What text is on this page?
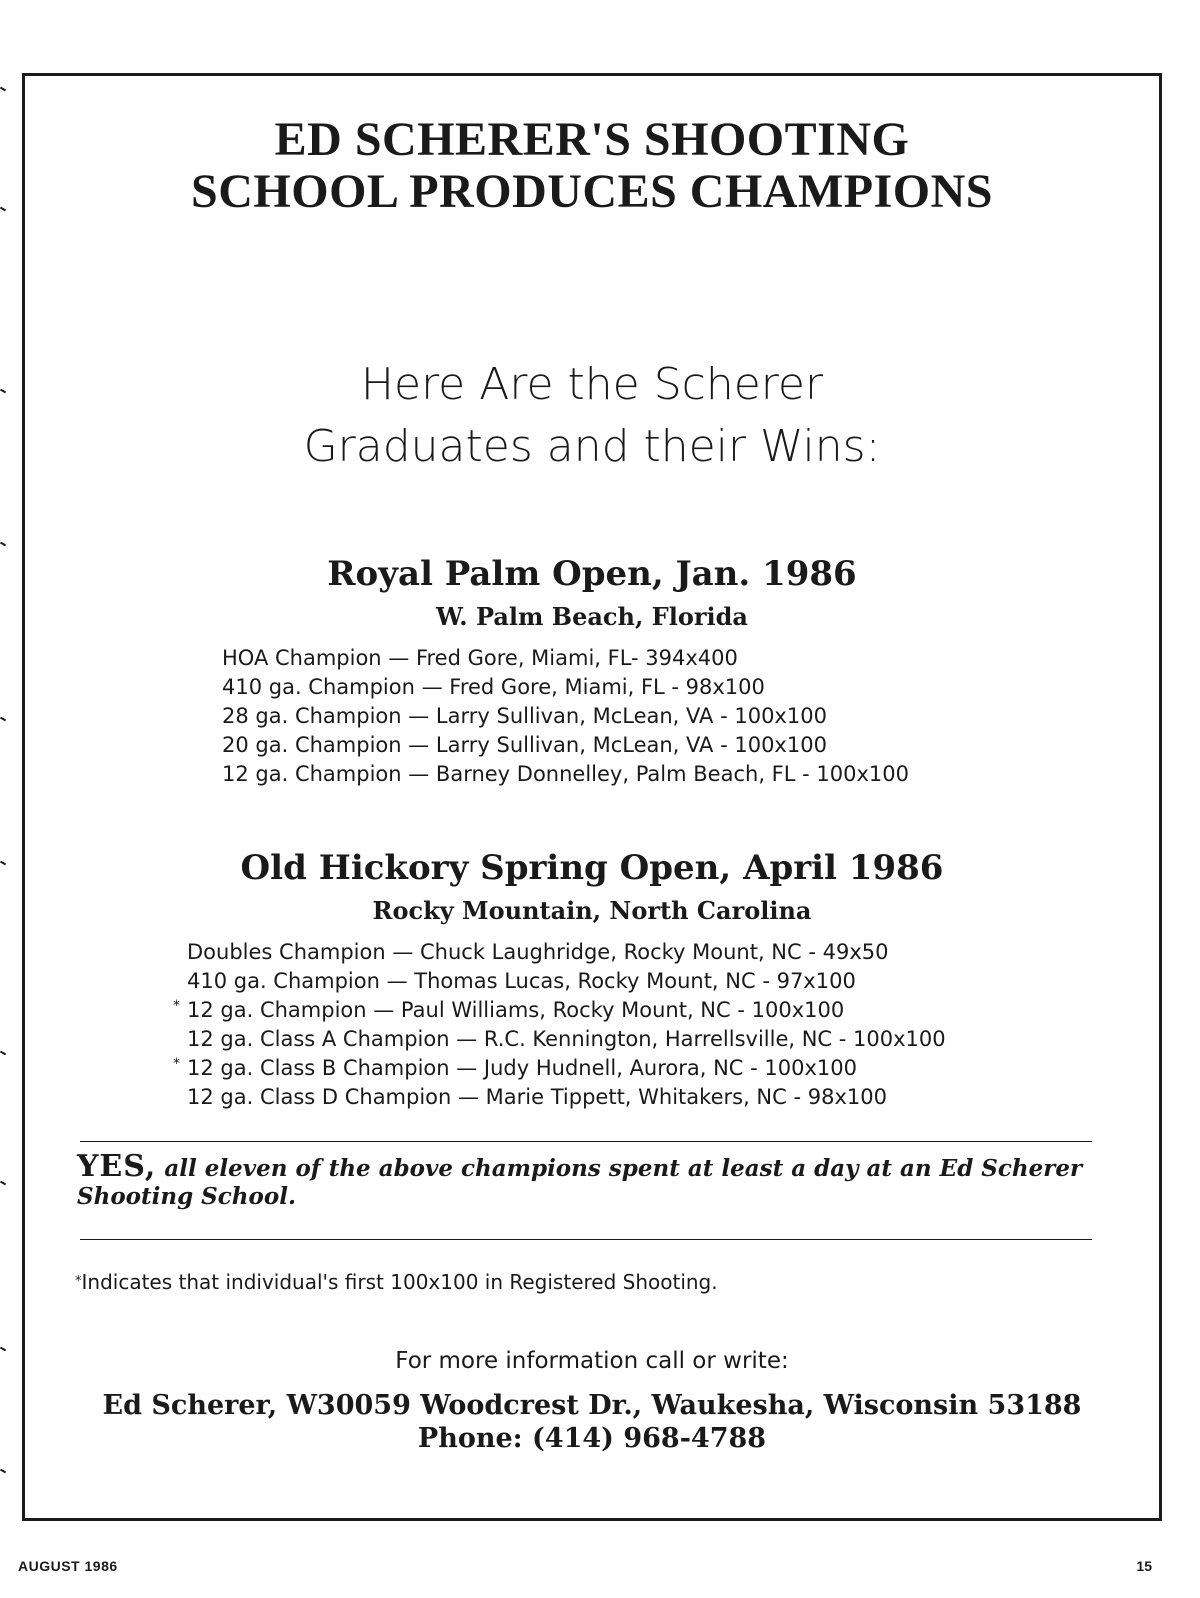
ED SCHERER'S SHOOTING
SCHOOL PRODUCES CHAMPIONS

Here Are the Scherer
Graduates and their Wins:

Royal Palm Open, Jan. 1986
W. Palm Beach, Florida
HOA Champion — Fred Gore, Miami, FL- 394x400
410 ga. Champion — Fred Gore, Miami, FL - 98x100
28 ga. Champion — Larry Sullivan, McLean, VA - 100x100
20 ga. Champion — Larry Sullivan, McLean, VA - 100x100
12 ga. Champion — Barney Donnelley, Palm Beach, FL - 100x100
Old Hickory Spring Open, April 1986
Rocky Mountain, North Carolina
Doubles Champion — Chuck Laughridge, Rocky Mount, NC - 49x50
410 ga. Champion — Thomas Lucas, Rocky Mount, NC - 97x100
* 12 ga. Champion — Paul Williams, Rocky Mount, NC - 100x100
12 ga. Class A Champion — R.C. Kennington, Harrellsville, NC - 100x100
* 12 ga. Class B Champion — Judy Hudnell, Aurora, NC - 100x100
12 ga. Class D Champion — Marie Tippett, Whitakers, NC - 98x100

YES, all eleven of the above champions spent at least a day at an Ed Scherer Shooting School.

*Indicates that individual's first 100x100 in Registered Shooting.

For more information call or write:

Ed Scherer, W30059 Woodcrest Dr., Waukesha, Wisconsin 53188
Phone: (414) 968-4788

AUGUST 1986	15
